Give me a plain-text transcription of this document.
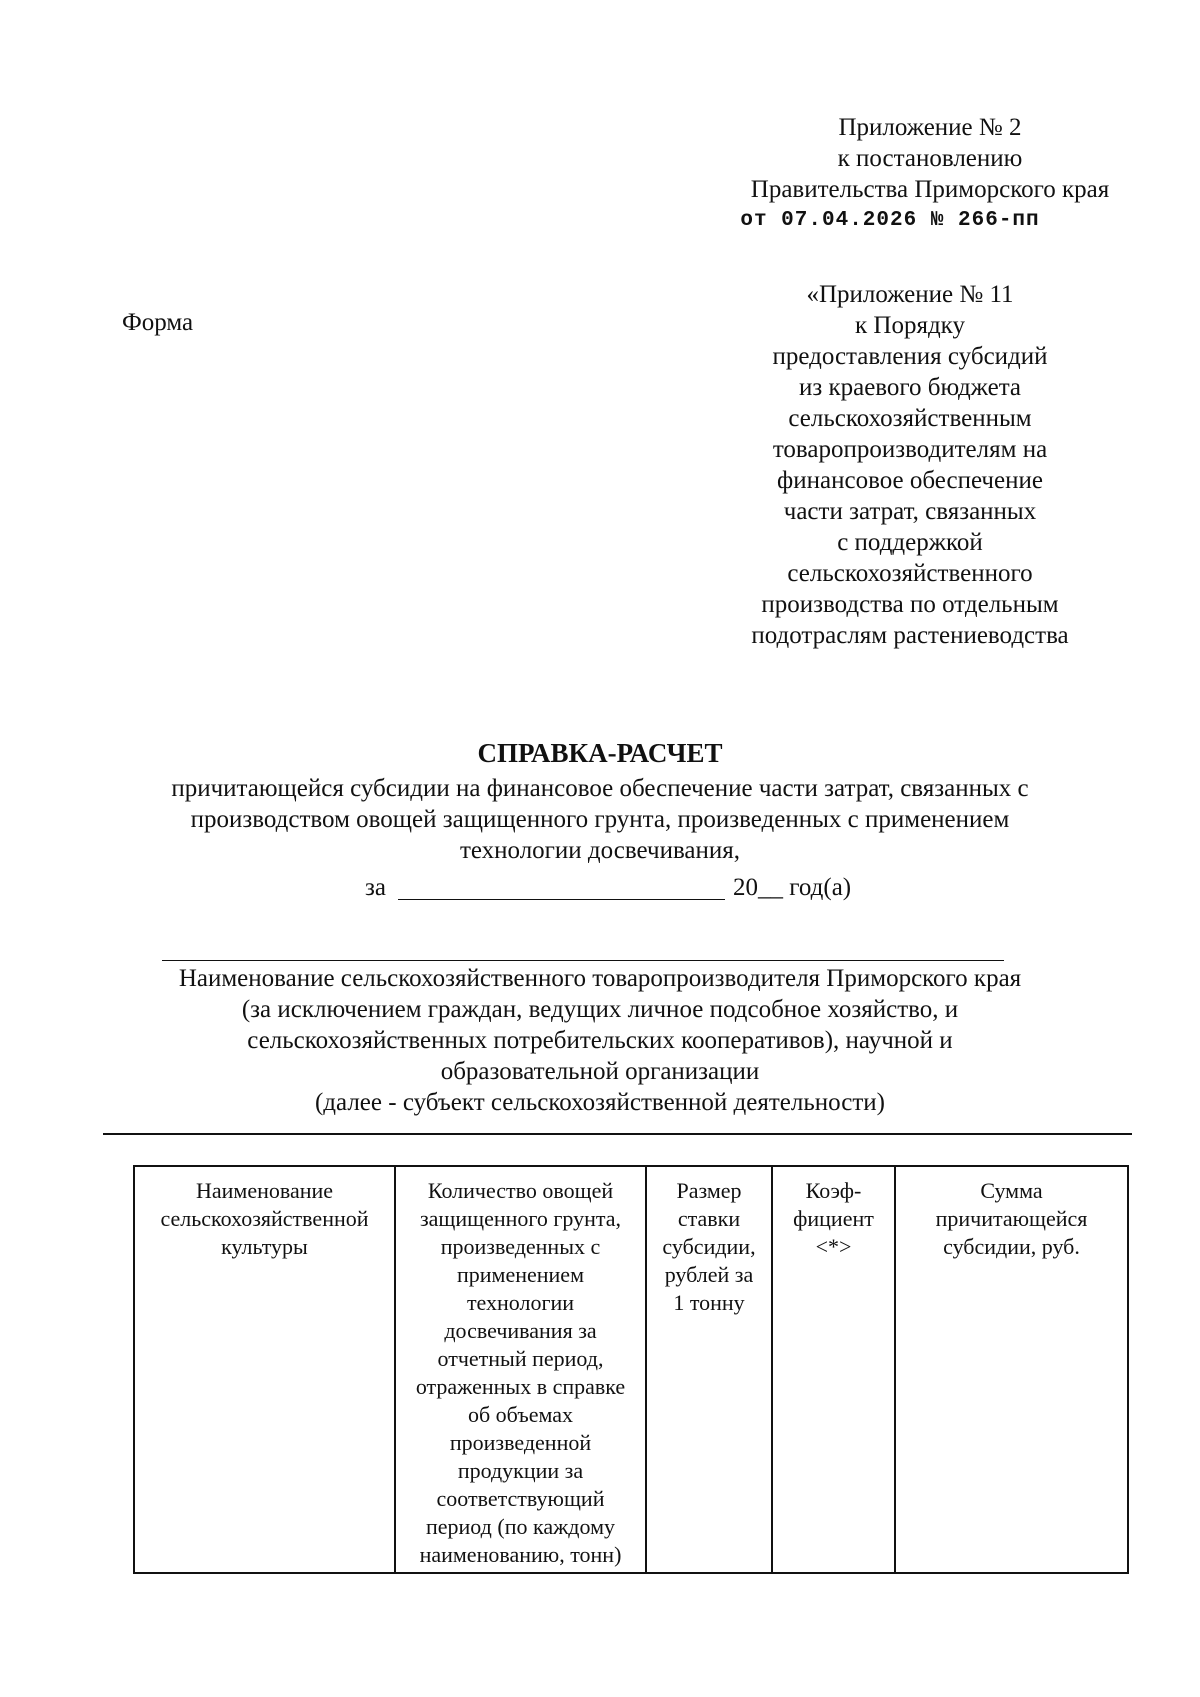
Приложение № 2
к постановлению
Правительства Приморского края
от 07.04.2026 № 266-пп
Форма
«Приложение № 11
к Порядку
предоставления субсидий
из краевого бюджета
сельскохозяйственным
товаропроизводителям на
финансовое обеспечение
части затрат, связанных
с поддержкой
сельскохозяйственного
производства по отдельным
подотраслям растениеводства
СПРАВКА-РАСЧЕТ
причитающейся субсидии на финансовое обеспечение части затрат, связанных с
производством овощей защищенного грунта, произведенных с применением
технологии досвечивания,
за	20__ год(а)
Наименование сельскохозяйственного товаропроизводителя Приморского края
(за исключением граждан, ведущих личное подсобное хозяйство, и
сельскохозяйственных потребительских кооперативов), научной и
образовательной организации
(далее - субъект сельскохозяйственной деятельности)
Наименование
сельскохозяйственной
культуры

Количество овощей
защищенного грунта,
произведенных с
применением
технологии
досвечивания за
отчетный период,
отраженных в справке
об объемах
произведенной
продукции за
соответствующий
период (по каждому
наименованию, тонн)

Размер
ставки
субсидии,
рублей за
1 тонну

Коэф-
фициент
<*>

Сумма
причитающейся
субсидии, руб.
